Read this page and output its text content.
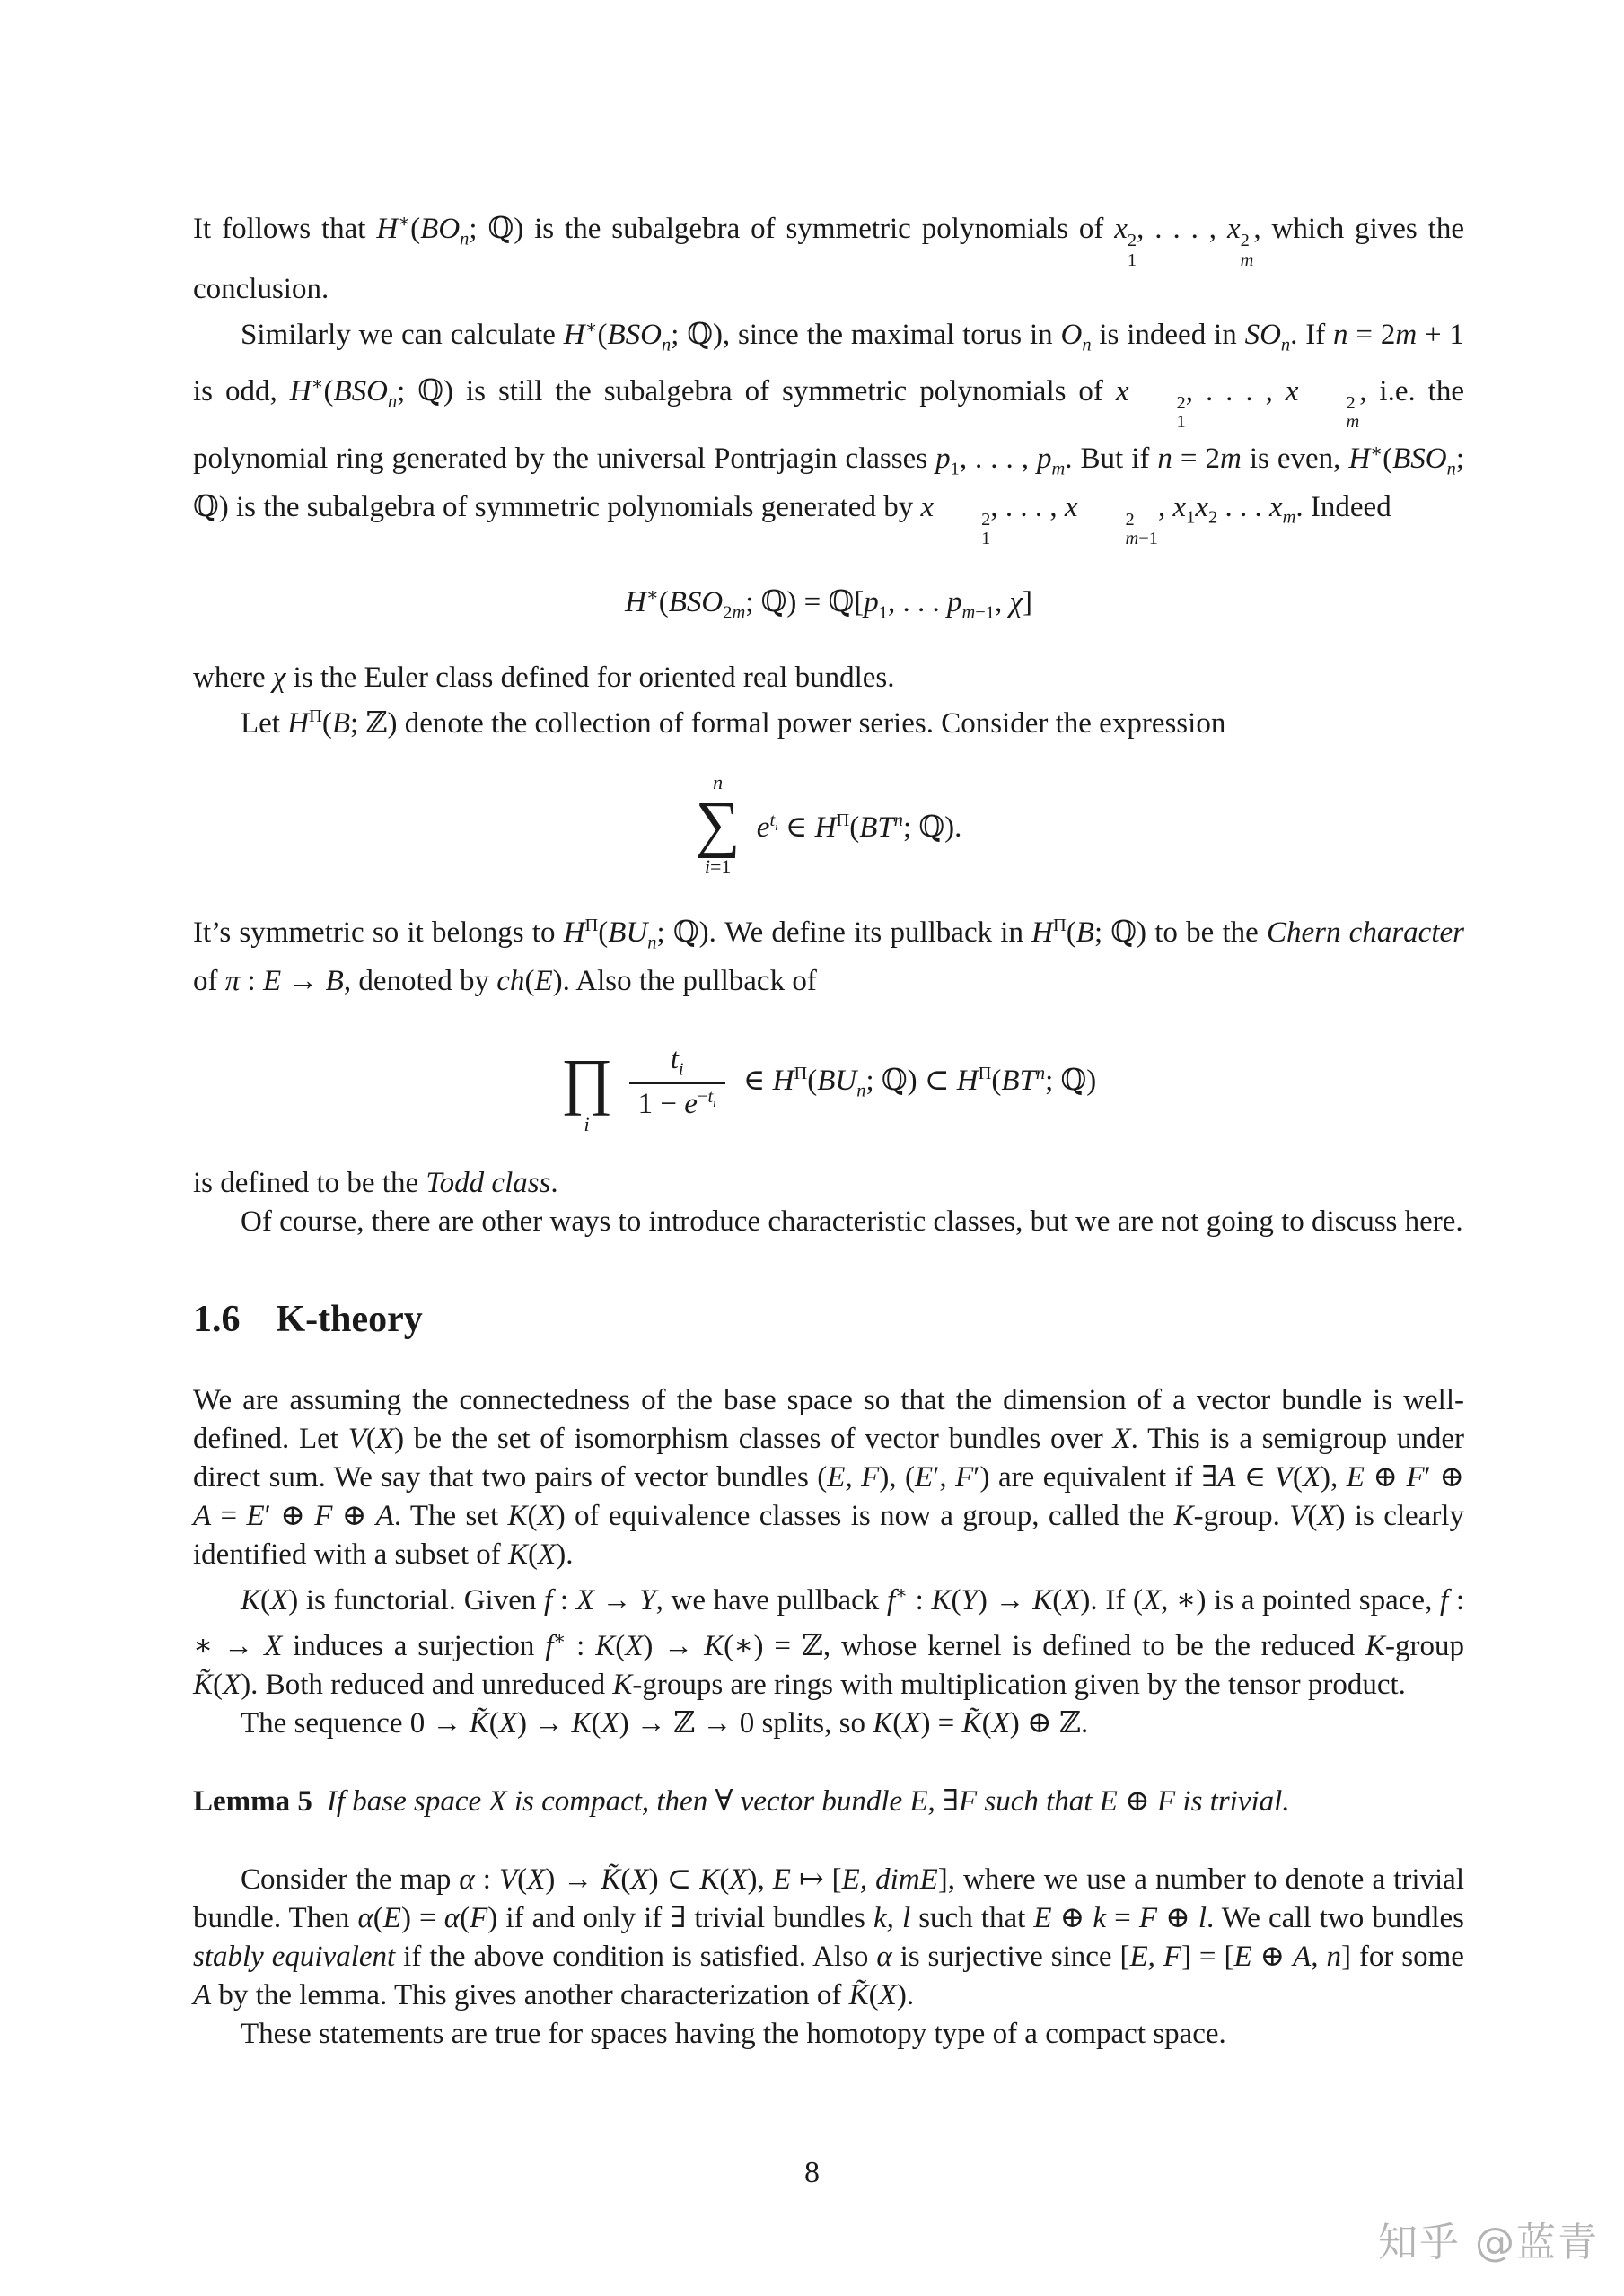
It follows that $H^∗(BO_n$; ℚ) is the subalgebra of symmetric polynomials of x 2
1
, . . . , x 2
m
, which gives the conclusion.

Similarly we can calculate $H^∗(BSO_n$; ℚ), since the maximal torus in $O_n$ is indeed in $SO_n$. If n = 2m + 1 is odd, $H^∗(BSO_n$; ℚ) is still the subalgebra of symmetric polynomials of x	2
1
, . . . , x	2
m
, i.e. the polynomial ring generated by the universal Pontrjagin classes $p_1$, . . . , $p_m$. But if n = 2m is even, $H^∗(BSO_n$; ℚ) is the subalgebra of symmetric polynomials generated by x	2
1
, . . . , x	2
m−1
, $x_1x_2$ . . . $x_m$. Indeed

$H^∗(BSO_{2m}$; ℚ) = $ℚ[p_1$, . . . $p_{m-1}$, χ]

where χ is the Euler class defined for oriented real bundles.

Let $H^\Pi(B$; ℤ) denote the collection of formal power series. Consider the expression

n
∑
i=1
$e^{t_i}$ ∈ $H^\Pi(BT^n$; ℚ).

It’s symmetric so it belongs to $H^\Pi(BU_n$; ℚ). We define its pullback in $H^\Pi(B$; ℚ) to be the Chern character of π : E → B, denoted by ch(E). Also the pullback of

∏
i
$\frac{t_i}{1 - e^{-t_i}}$ ∈ $H^\Pi(BU_n$; ℚ) ⊂ $H^\Pi(BT^n$; ℚ)

is defined to be the Todd class.

Of course, there are other ways to introduce characteristic classes, but we are not going to discuss here.

1.6 K-theory

We are assuming the connectedness of the base space so that the dimension of a vector bundle is well-defined. Let V(X) be the set of isomorphism classes of vector bundles over X. This is a semigroup under direct sum. We say that two pairs of vector bundles (E, F), (E′, F′) are equivalent if ∃A ∈ V(X), E ⊕ F′ ⊕ A = E′ ⊕ F ⊕ A. The set K(X) of equivalence classes is now a group, called the K-group. V(X) is clearly identified with a subset of K(X).

K(X) is functorial. Given f : X → Y, we have pullback f∗ : K(Y) → K(X). If (X, ∗) is a pointed space, f : ∗ → X induces a surjection f∗ : K(X) → K(∗) = ℤ, whose kernel is defined to be the reduced K-group K̃(X). Both reduced and unreduced K-groups are rings with multiplication given by the tensor product.

The sequence 0 → K̃(X) → K(X) → ℤ → 0 splits, so K(X) = K̃(X) ⊕ ℤ.

Lemma 5 If base space X is compact, then ∀ vector bundle E, ∃F such that E ⊕ F is trivial.

Consider the map α : V(X) → K̃(X) ⊂ K(X), E ↦ [E, dimE], where we use a number to denote a trivial bundle. Then α(E) = α(F) if and only if ∃ trivial bundles k, l such that E ⊕ k = F ⊕ l. We call two bundles stably equivalent if the above condition is satisfied. Also α is surjective since [E, F] = [E ⊕ A, n] for some A by the lemma. This gives another characterization of K̃(X).

These statements are true for spaces having the homotopy type of a compact space.

8
知乎 @蓝青
